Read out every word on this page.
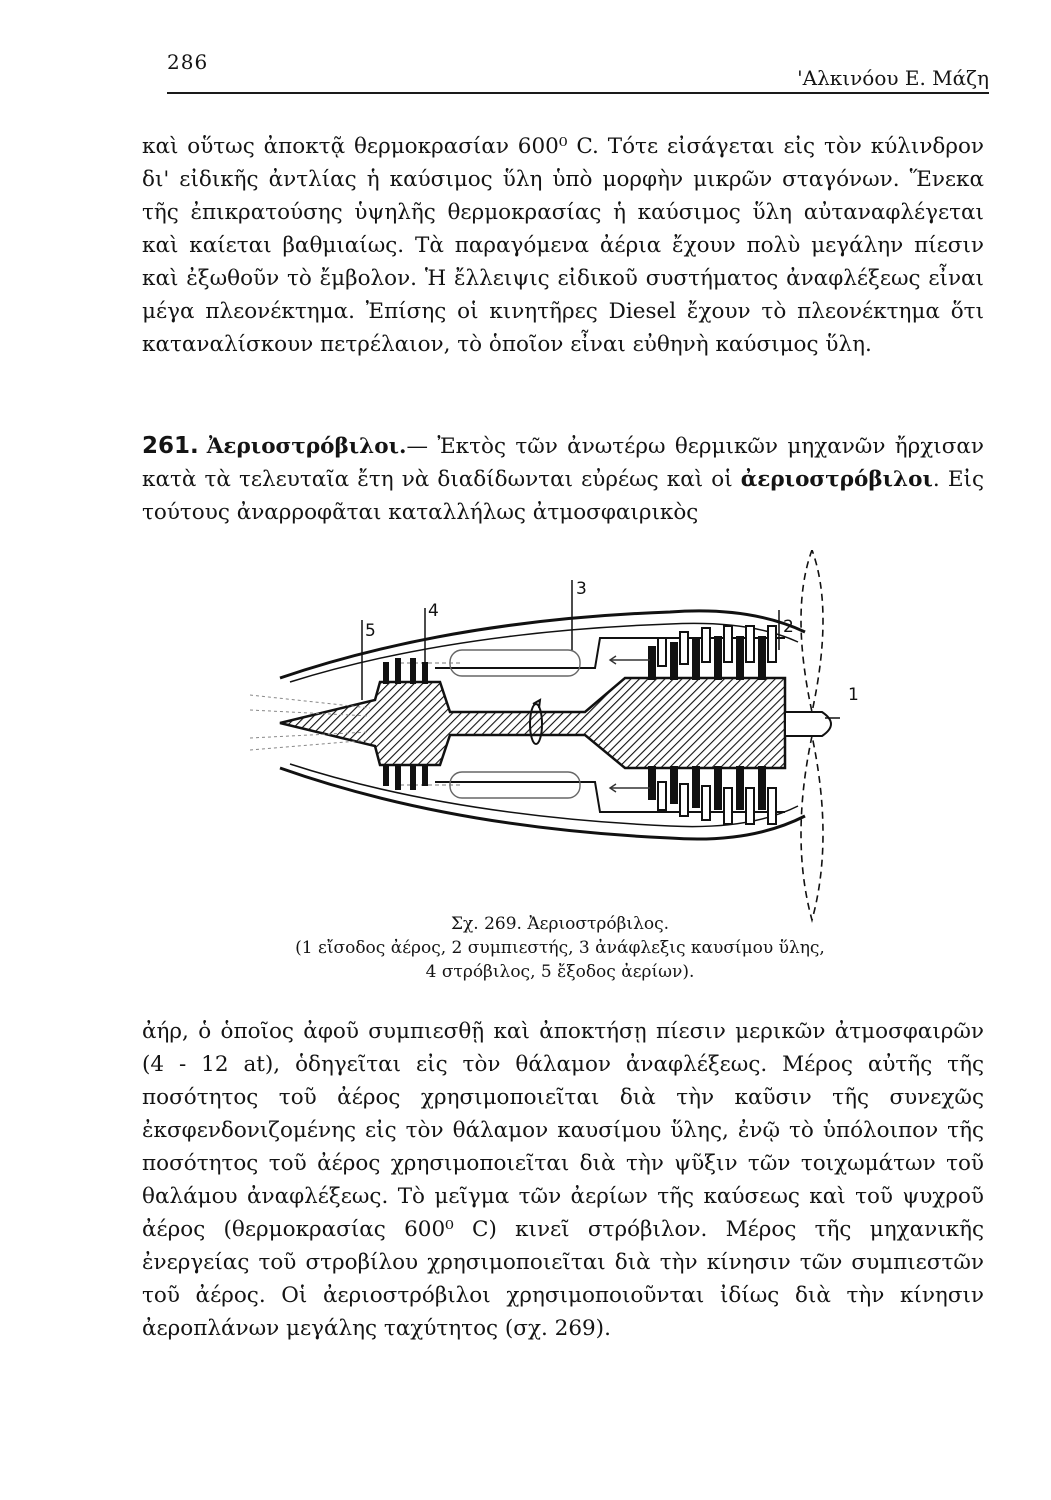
286
'Αλκινόου Ε. Μάζη

καὶ οὕτως ἀποκτᾷ θερμοκρασίαν 600⁰ C. Τότε εἰσάγεται εἰς τὸν κύλινδρον δι' εἰδικῆς ἀντλίας ἡ καύσιμος ὕλη ὑπὸ μορφὴν μικρῶν σταγόνων. Ἕνεκα τῆς ἐπικρατούσης ὑψηλῆς θερμοκρασίας ἡ καύσιμος ὕλη αὐταναφλέγεται καὶ καίεται βαθμιαίως. Τὰ παραγόμενα ἀέρια ἔχουν πολὺ μεγάλην πίεσιν καὶ ἐξωθοῦν τὸ ἔμβολον. Ἡ ἔλλειψις εἰδικοῦ συστήματος ἀναφλέξεως εἶναι μέγα πλεονέκτημα. Ἐπίσης οἱ κινητῆρες Diesel ἔχουν τὸ πλεονέκτημα ὅτι καταναλίσκουν πετρέλαιον, τὸ ὁποῖον εἶναι εὐθηνὴ καύσιμος ὕλη.

261. Ἀεριοστρόβιλοι.— Ἐκτὸς τῶν ἀνωτέρω θερμικῶν μηχανῶν ἤρχισαν κατὰ τὰ τελευταῖα ἔτη νὰ διαδίδωνται εὐρέως καὶ οἱ ἀεριοστρόβιλοι. Εἰς τούτους ἀναρροφᾶται καταλλήλως ἀτμοσφαιρικὸς

5
4
3
2
1
Σχ. 269. Ἀεριοστρόβιλος.
(1 εἴσοδος ἀέρος, 2 συμπιεστής, 3 ἀνάφλεξις καυσίμου ὕλης,
4 στρόβιλος, 5 ἔξοδος ἀερίων).

ἀήρ, ὁ ὁποῖος ἀφοῦ συμπιεσθῇ καὶ ἀποκτήσῃ πίεσιν μερικῶν ἀτμοσφαιρῶν (4 - 12 at), ὁδηγεῖται εἰς τὸν θάλαμον ἀναφλέξεως. Μέρος αὐτῆς τῆς ποσότητος τοῦ ἀέρος χρησιμοποιεῖται διὰ τὴν καῦσιν τῆς συνεχῶς ἐκσφενδονιζομένης εἰς τὸν θάλαμον καυσίμου ὕλης, ἐνῷ τὸ ὑπόλοιπον τῆς ποσότητος τοῦ ἀέρος χρησιμοποιεῖται διὰ τὴν ψῦξιν τῶν τοιχωμάτων τοῦ θαλάμου ἀναφλέξεως. Τὸ μεῖγμα τῶν ἀερίων τῆς καύσεως καὶ τοῦ ψυχροῦ ἀέρος (θερμοκρασίας 600⁰ C) κινεῖ στρόβιλον. Μέρος τῆς μηχανικῆς ἐνεργείας τοῦ στροβίλου χρησιμοποιεῖται διὰ τὴν κίνησιν τῶν συμπιεστῶν τοῦ ἀέρος. Οἱ ἀεριοστρόβιλοι χρησιμοποιοῦνται ἰδίως διὰ τὴν κίνησιν ἀεροπλάνων μεγάλης ταχύτητος (σχ. 269).
